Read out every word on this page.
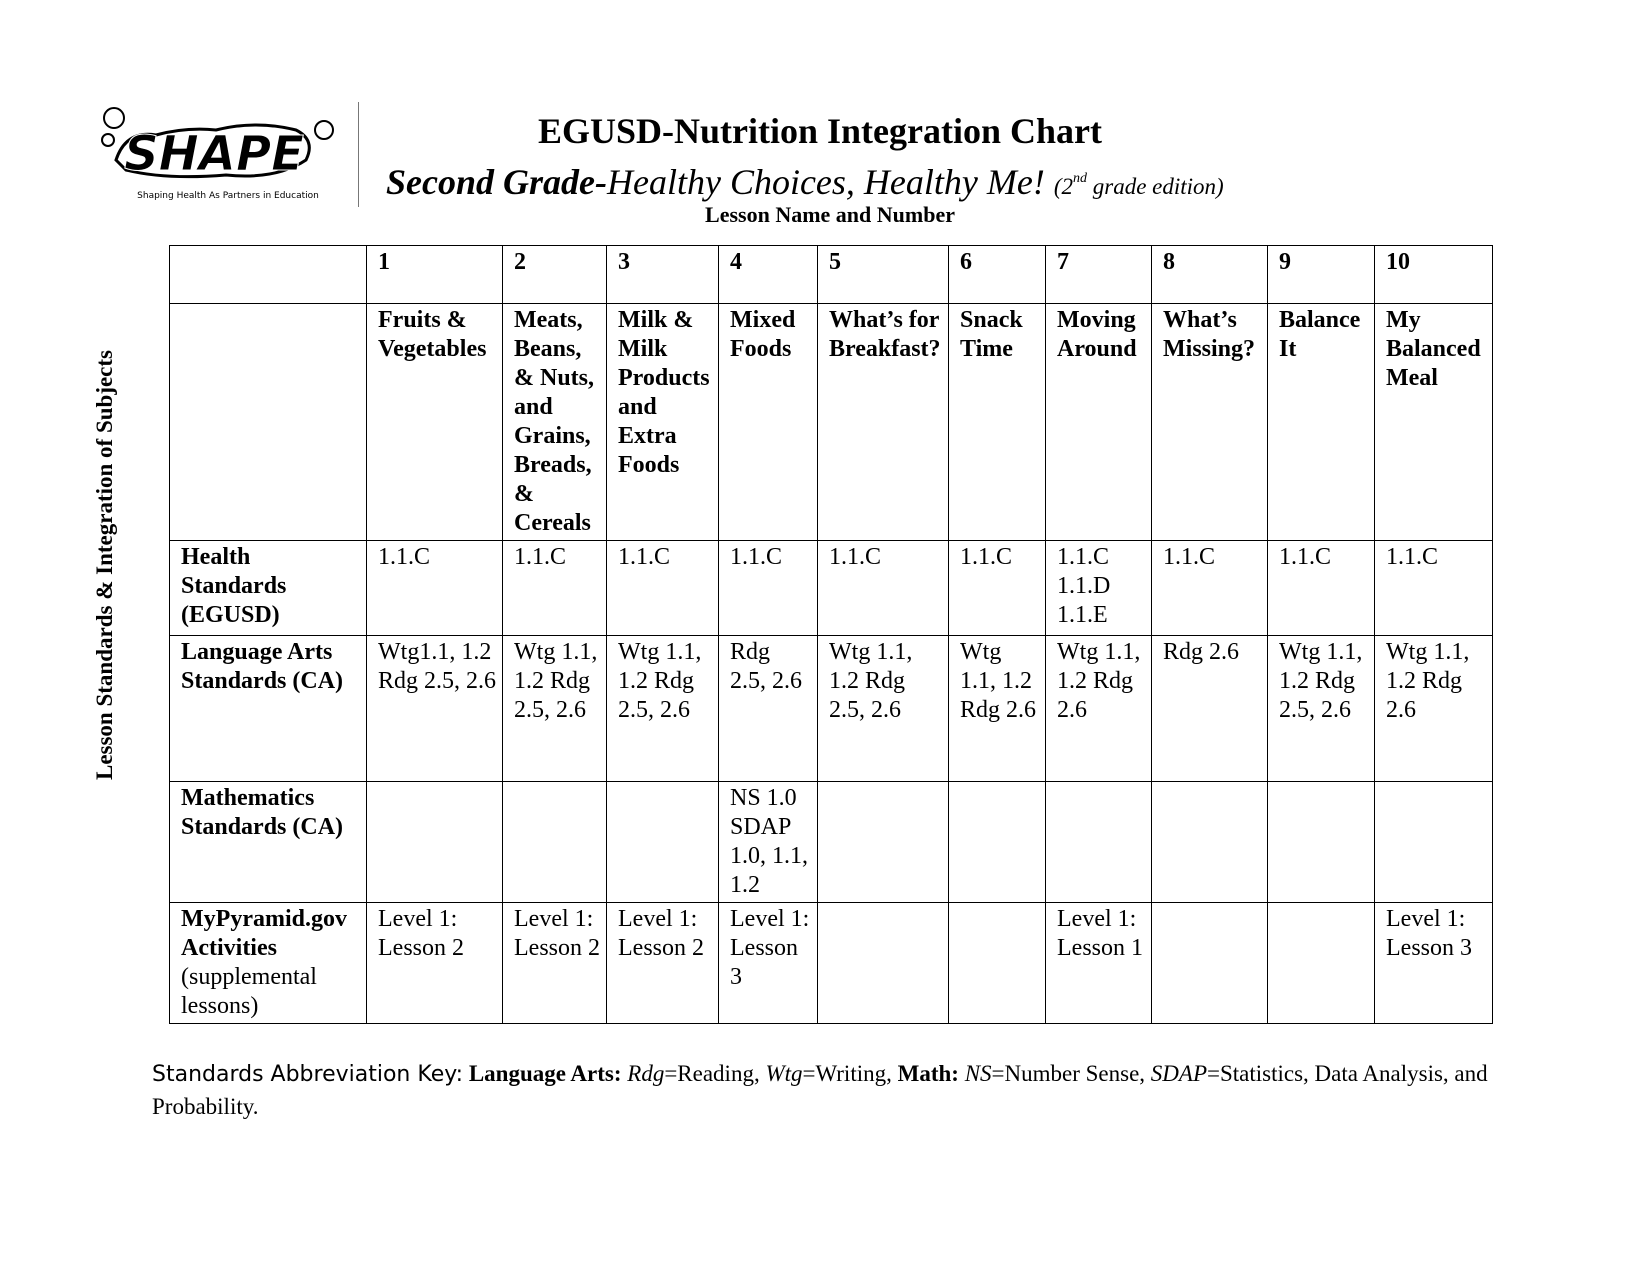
SHAPE
Shaping Health As Partners in Education
EGUSD-Nutrition Integration Chart
Second Grade-Healthy Choices, Healthy Me! (2nd grade edition)
Lesson Name and Number
Lesson Standards & Integration of Subjects
	1	2	3	4	5	6	7	8	9	10
	Fruits & Vegetables	Meats, Beans, & Nuts, and Grains, Breads, & Cereals	Milk & Milk Products and Extra Foods	Mixed Foods	What’s for Breakfast?	Snack Time	Moving Around	What’s Missing?	Balance It	My Balanced Meal
Health Standards (EGUSD)	1.1.C	1.1.C	1.1.C	1.1.C	1.1.C	1.1.C	1.1.C 1.1.D 1.1.E	1.1.C	1.1.C	1.1.C
Language Arts Standards (CA)	Wtg1.1, 1.2 Rdg 2.5, 2.6	Wtg 1.1, 1.2 Rdg 2.5, 2.6	Wtg 1.1, 1.2 Rdg 2.5, 2.6	Rdg 2.5, 2.6	Wtg 1.1, 1.2 Rdg 2.5, 2.6	Wtg 1.1, 1.2 Rdg 2.6	Wtg 1.1, 1.2 Rdg 2.6	Rdg 2.6	Wtg 1.1, 1.2 Rdg 2.5, 2.6	Wtg 1.1, 1.2 Rdg 2.6
Mathematics Standards (CA)				NS 1.0 SDAP 1.0, 1.1, 1.2						
MyPyramid.gov Activities
(supplemental lessons)	Level 1: Lesson 2	Level 1: Lesson 2	Level 1: Lesson 2	Level 1: Lesson 3			Level 1: Lesson 1			Level 1: Lesson 3
Standards Abbreviation Key: Language Arts: Rdg=Reading, Wtg=Writing, Math: NS=Number Sense, SDAP=Statistics, Data Analysis, and Probability.
